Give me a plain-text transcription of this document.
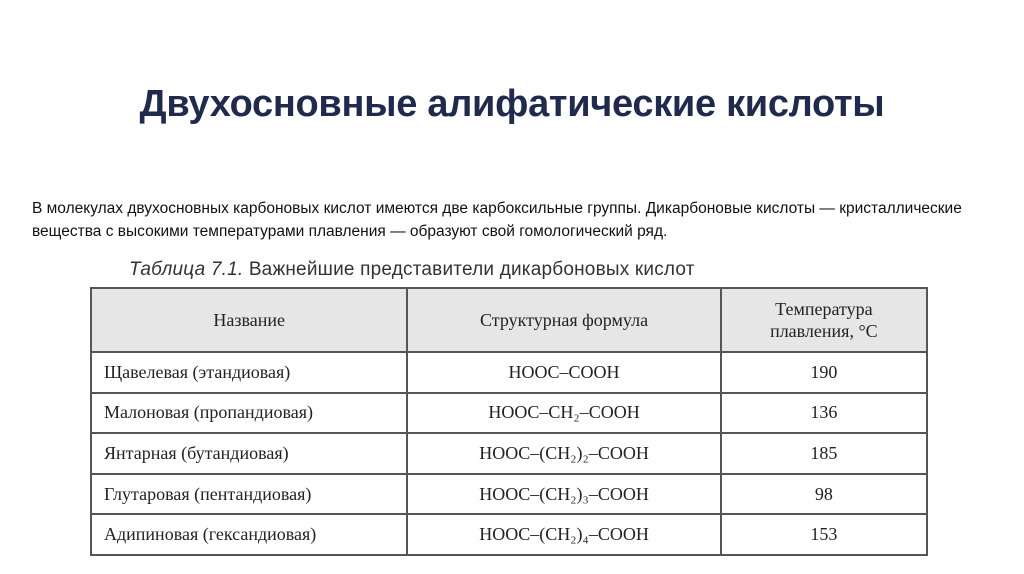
Двухосновные алифатические кислоты

В молекулах двухосновных карбоновых кислот имеются две карбоксильные группы. Дикарбоновые кислоты — кристаллические вещества с высокими температурами плавления — образуют свой гомологический ряд.

Таблица 7.1. Важнейшие представители дикарбоновых кислот
Название	Структурная формула	Температура
плавления, °С

Щавелевая (этандиовая)	HOOC–COOH	190
Малоновая (пропандиовая)	HOOC–CH₂–COOH	136
Янтарная (бутандиовая)	HOOC–(CH₂)₂–COOH	185
Глутаровая (пентандиовая)	HOOC–(CH₂)₃–COOH	98
Адипиновая (гександиовая)	HOOC–(CH₂)₄–COOH	153
